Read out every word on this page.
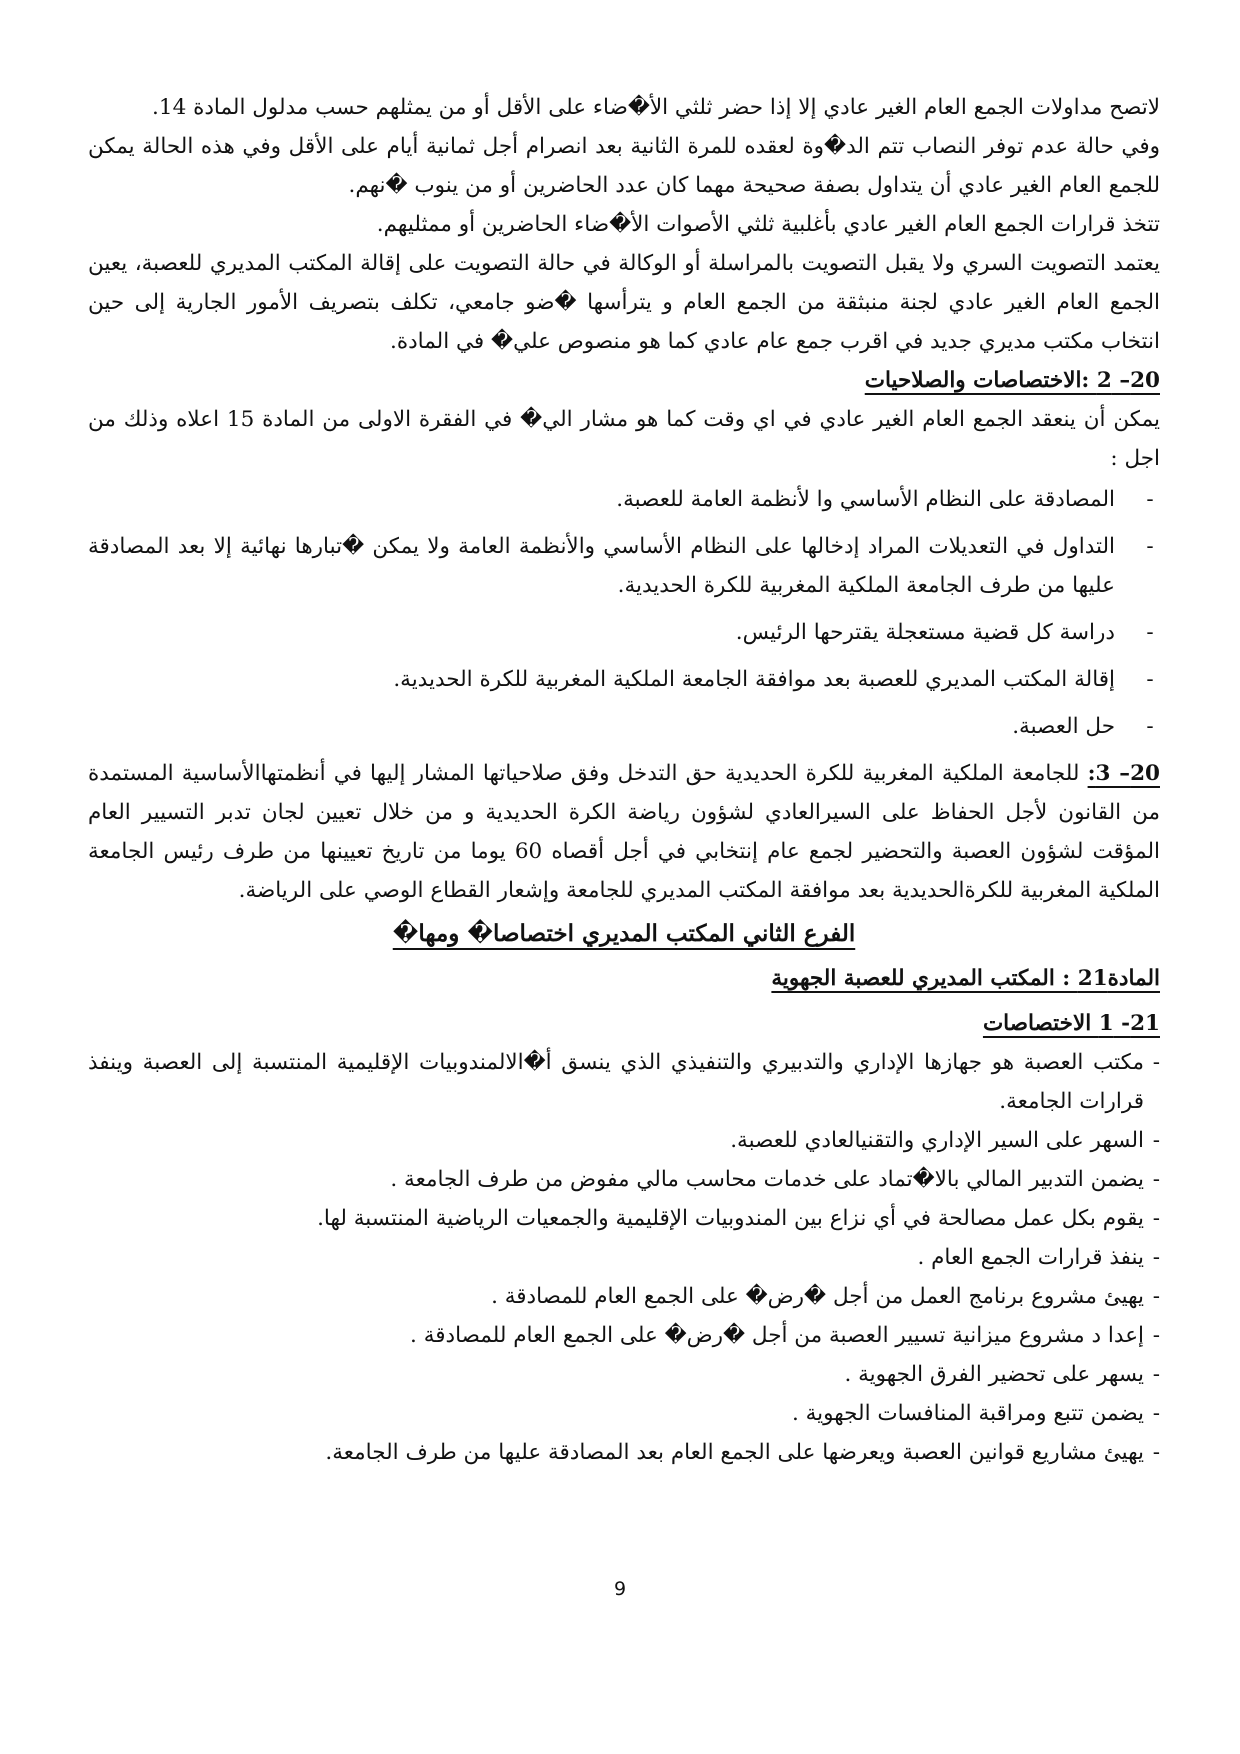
لاتصح مداولات الجمع العام الغير عادي إلا إذا حضر ثلثي الأ�ضاء على الأقل أو من يمثلهم حسب مدلول المادة 14.

وفي حالة عدم توفر النصاب تتم الد�وة لعقده للمرة الثانية بعد انصرام أجل ثمانية أيام على الأقل وفي هذه الحالة يمكن للجمع العام الغير عادي أن يتداول بصفة صحيحة مهما كان عدد الحاضرين أو من ينوب �نهم.

تتخذ قرارات الجمع العام الغير عادي بأغلبية ثلثي الأصوات الأ�ضاء الحاضرين أو ممثليهم.

يعتمد التصويت السري ولا يقبل التصويت بالمراسلة أو الوكالة في حالة التصويت على إقالة المكتب المديري للعصبة، يعين الجمع العام الغير عادي لجنة منبثقة من الجمع العام و يترأسها �ضو جامعي، تكلف بتصريف الأمور الجارية إلى حين انتخاب مكتب مديري جديد في اقرب جمع عام عادي كما هو منصوص علي� في المادة.

20– 2 :الاختصاصات والصلاحيات

يمكن أن ينعقد الجمع العام الغير عادي في اي وقت كما هو مشار الي� في الفقرة الاولى من المادة 15 اعلاه وذلك من اجل :

-
المصادقة على النظام الأساسي وا لأنظمة العامة للعصبة.
-
التداول في التعديلات المراد إدخالها على النظام الأساسي والأنظمة العامة ولا يمكن �تبارها نهائية إلا بعد المصادقة عليها من طرف الجامعة الملكية المغربية للكرة الحديدية.
-
دراسة كل قضية مستعجلة يقترحها الرئيس.
-
إقالة المكتب المديري للعصبة بعد موافقة الجامعة الملكية المغربية للكرة الحديدية.
-
حل العصبة.

20– 3: للجامعة الملكية المغربية للكرة الحديدية حق التدخل وفق صلاحياتها المشار إليها في أنظمتهاالأساسية المستمدة من القانون لأجل الحفاظ على السيرالعادي لشؤون رياضة الكرة الحديدية و من خلال تعيين لجان تدبر التسيير العام المؤقت لشؤون العصبة والتحضير لجمع عام إنتخابي في أجل أقصاه 60 يوما من تاريخ تعيينها من طرف رئيس الجامعة الملكية المغربية للكرةالحديدية بعد موافقة المكتب المديري للجامعة وإشعار القطاع الوصي على الرياضة.

الفرع الثاني المكتب المديري اختصاصا� ومها�

المادة21 : المكتب المديري للعصبة الجهوية

21- 1 الاختصاصات

-
مكتب العصبة هو جهازها الإداري والتدبيري والتنفيذي الذي ينسق أ�الالمندوبيات الإقليمية المنتسبة إلى العصبة وينفذ قرارات الجامعة.
-
السهر على السير الإداري والتقنيالعادي للعصبة.
-
يضمن التدبير المالي بالا�تماد على خدمات محاسب مالي مفوض من طرف الجامعة .
-
يقوم بكل عمل مصالحة في أي نزاع بين المندوبيات الإقليمية والجمعيات الرياضية المنتسبة لها.
-
ينفذ قرارات الجمع العام .
-
يهيئ مشروع برنامج العمل من أجل �رض� على الجمع العام للمصادقة .
-
إعدا د مشروع ميزانية تسيير العصبة من أجل �رض� على الجمع العام للمصادقة .
-
يسهر على تحضير الفرق الجهوية .
-
يضمن تتبع ومراقبة المنافسات الجهوية .
-
يهيئ مشاريع قوانين العصبة ويعرضها على الجمع العام بعد المصادقة عليها من طرف الجامعة.
9
